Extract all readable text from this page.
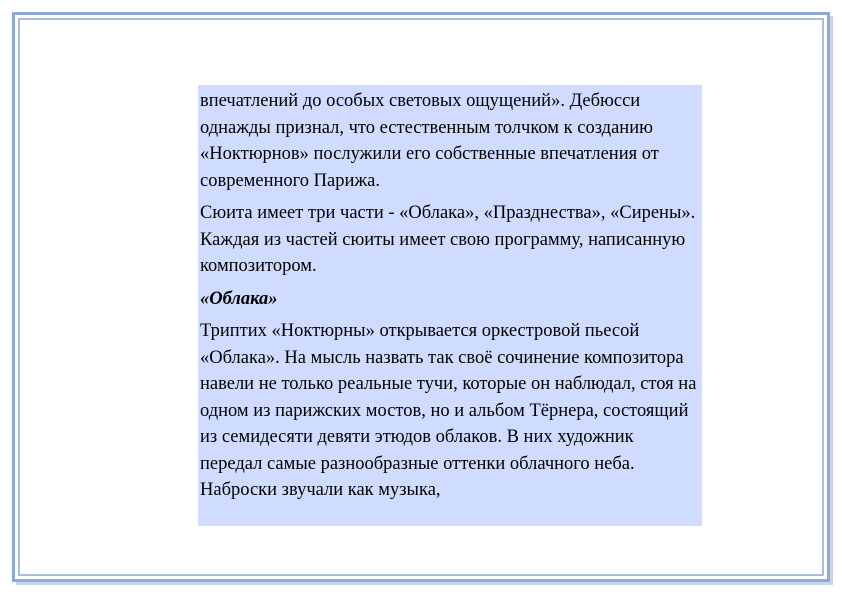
впечатлений до особых световых ощущений». Дебюсси однажды признал, что естественным толчком к созданию «Ноктюрнов» послужили его собственные впечатления от современного Парижа.

Сюита имеет три части - «Облака», «Празднества», «Сирены». Каждая из частей сюиты имеет свою программу, написанную композитором.

«Облака»

Триптих «Ноктюрны» открывается оркестровой пьесой «Облака». На мысль назвать так своё сочинение композитора навели не только реальные тучи, которые он наблюдал, стоя на одном из парижских мостов, но и альбом Тёрнера, состоящий из семидесяти девяти этюдов облаков. В них художник передал самые разнообразные оттенки облачного неба. Наброски звучали как музыка,
